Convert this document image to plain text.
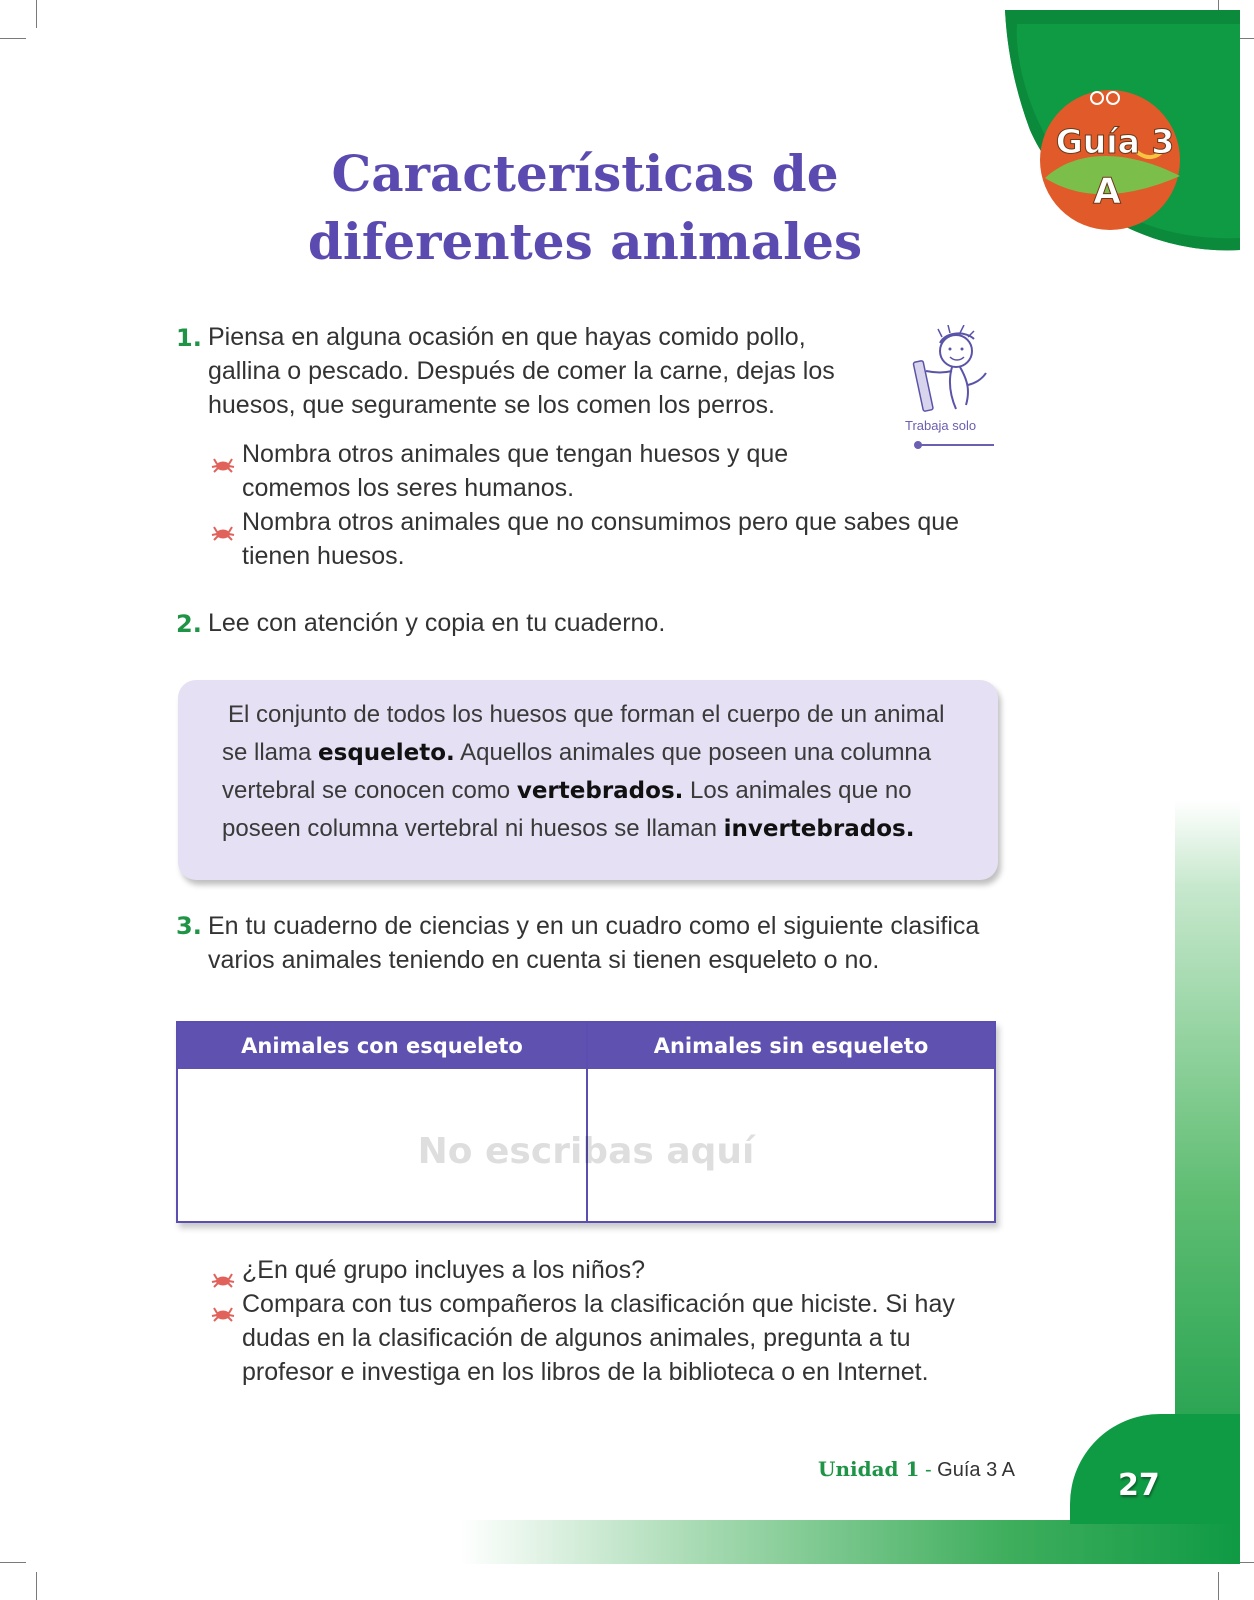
Guía 3
A
Características de
diferentes animales
1. Piensa en alguna ocasión en que hayas comido pollo,
gallina o pescado. Después de comer la carne, dejas los
huesos, que seguramente se los comen los perros.
Trabaja solo
Nombra otros animales que tengan huesos y que
comemos los seres humanos.
Nombra otros animales que no consumimos pero que sabes que
tienen huesos.
2. Lee con atención y copia en tu cuaderno.
El conjunto de todos los huesos que forman el cuerpo de un animal
se llama esqueleto. Aquellos animales que poseen una columna
vertebral se conocen como vertebrados. Los animales que no
poseen columna vertebral ni huesos se llaman invertebrados.
3. En tu cuaderno de ciencias y en un cuadro como el siguiente clasifica
varios animales teniendo en cuenta si tienen esqueleto o no.
Animales con esqueleto	Animales sin esqueleto
No escribas aquí
¿En qué grupo incluyes a los niños?
Compara con tus compañeros la clasificación que hiciste. Si hay
dudas en la clasificación de algunos animales, pregunta a tu
profesor e investiga en los libros de la biblioteca o en Internet.
Unidad 1 - Guía 3 A	27
